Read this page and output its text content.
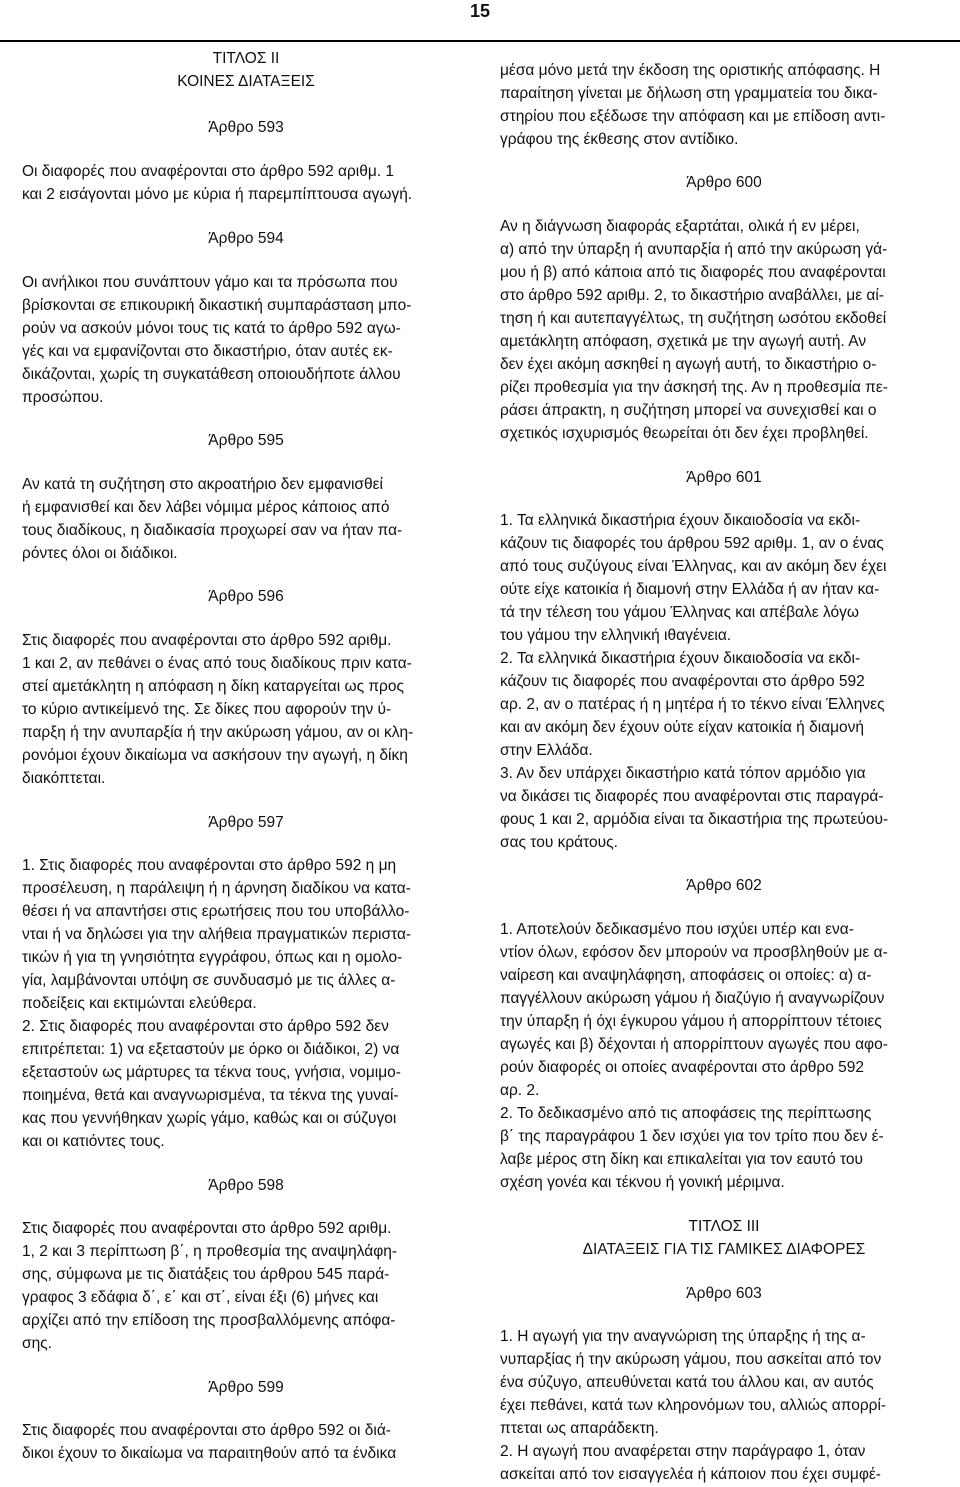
15
ΤΙΤΛΟΣ ΙΙ
ΚΟΙΝΕΣ ΔΙΑΤΑΞΕΙΣ
Άρθρο 593
Οι διαφορές που αναφέρονται στο άρθρο 592 αριθμ. 1
και 2 εισάγονται μόνο με κύρια ή παρεμπίπτουσα αγωγή.
Άρθρο 594
Οι ανήλικοι που συνάπτουν γάμο και τα πρόσωπα που
βρίσκονται σε επικουρική δικαστική συμπαράσταση μπο-
ρούν να ασκούν μόνοι τους τις κατά το άρθρο 592 αγω-
γές και να εμφανίζονται στο δικαστήριο, όταν αυτές εκ-
δικάζονται, χωρίς τη συγκατάθεση οποιουδήποτε άλλου
προσώπου.
Άρθρο 595
Αν κατά τη συζήτηση στο ακροατήριο δεν εμφανισθεί
ή εμφανισθεί και δεν λάβει νόμιμα μέρος κάποιος από
τους διαδίκους, η διαδικασία προχωρεί σαν να ήταν πα-
ρόντες όλοι οι διάδικοι.
Άρθρο 596
Στις διαφορές που αναφέρονται στο άρθρο 592 αριθμ.
1 και 2, αν πεθάνει ο ένας από τους διαδίκους πριν κατα-
στεί αμετάκλητη η απόφαση η δίκη καταργείται ως προς
το κύριο αντικείμενό της. Σε δίκες που αφορούν την ύ-
παρξη ή την ανυπαρξία ή την ακύρωση γάμου, αν οι κλη-
ρονόμοι έχουν δικαίωμα να ασκήσουν την αγωγή, η δίκη
διακόπτεται.
Άρθρο 597
1. Στις διαφορές που αναφέρονται στο άρθρο 592 η μη
προσέλευση, η παράλειψη ή η άρνηση διαδίκου να κατα-
θέσει ή να απαντήσει στις ερωτήσεις που του υποβάλλο-
νται ή να δηλώσει για την αλήθεια πραγματικών περιστα-
τικών ή για τη γνησιότητα εγγράφου, όπως και η ομολο-
γία, λαμβάνονται υπόψη σε συνδυασμό με τις άλλες α-
ποδείξεις και εκτιμώνται ελεύθερα.
2. Στις διαφορές που αναφέρονται στο άρθρο 592 δεν
επιτρέπεται: 1) να εξεταστούν με όρκο οι διάδικοι, 2) να
εξεταστούν ως μάρτυρες τα τέκνα τους, γνήσια, νομιμο-
ποιημένα, θετά και αναγνωρισμένα, τα τέκνα της γυναί-
κας που γεννήθηκαν χωρίς γάμο, καθώς και οι σύζυγοι
και οι κατιόντες τους.
Άρθρο 598
Στις διαφορές που αναφέρονται στο άρθρο 592 αριθμ.
1, 2 και 3 περίπτωση β΄, η προθεσμία της αναψηλάφη-
σης, σύμφωνα με τις διατάξεις του άρθρου 545 παρά-
γραφος 3 εδάφια δ΄, ε΄ και στ΄, είναι έξι (6) μήνες και
αρχίζει από την επίδοση της προσβαλλόμενης απόφα-
σης.
Άρθρο 599
Στις διαφορές που αναφέρονται στο άρθρο 592 οι διά-
δικοι έχουν το δικαίωμα να παραιτηθούν από τα ένδικα
μέσα μόνο μετά την έκδοση της οριστικής απόφασης. Η
παραίτηση γίνεται με δήλωση στη γραμματεία του δικα-
στηρίου που εξέδωσε την απόφαση και με επίδοση αντι-
γράφου της έκθεσης στον αντίδικο.
Άρθρο 600
Αν η διάγνωση διαφοράς εξαρτάται, ολικά ή εν μέρει,
α) από την ύπαρξη ή ανυπαρξία ή από την ακύρωση γά-
μου ή β) από κάποια από τις διαφορές που αναφέρονται
στο άρθρο 592 αριθμ. 2, το δικαστήριο αναβάλλει, με αί-
τηση ή και αυτεπαγγέλτως, τη συζήτηση ωσότου εκδοθεί
αμετάκλητη απόφαση, σχετικά με την αγωγή αυτή. Αν
δεν έχει ακόμη ασκηθεί η αγωγή αυτή, το δικαστήριο ο-
ρίζει προθεσμία για την άσκησή της. Αν η προθεσμία πε-
ράσει άπρακτη, η συζήτηση μπορεί να συνεχισθεί και ο
σχετικός ισχυρισμός θεωρείται ότι δεν έχει προβληθεί.
Άρθρο 601
1. Τα ελληνικά δικαστήρια έχουν δικαιοδοσία να εκδι-
κάζουν τις διαφορές του άρθρου 592 αριθμ. 1, αν ο ένας
από τους συζύγους είναι Έλληνας, και αν ακόμη δεν έχει
ούτε είχε κατοικία ή διαμονή στην Ελλάδα ή αν ήταν κα-
τά την τέλεση του γάμου Έλληνας και απέβαλε λόγω
του γάμου την ελληνική ιθαγένεια.
2. Τα ελληνικά δικαστήρια έχουν δικαιοδοσία να εκδι-
κάζουν τις διαφορές που αναφέρονται στο άρθρο 592
αρ. 2, αν ο πατέρας ή η μητέρα ή το τέκνο είναι Έλληνες
και αν ακόμη δεν έχουν ούτε είχαν κατοικία ή διαμονή
στην Ελλάδα.
3. Αν δεν υπάρχει δικαστήριο κατά τόπον αρμόδιο για
να δικάσει τις διαφορές που αναφέρονται στις παραγρά-
φους 1 και 2, αρμόδια είναι τα δικαστήρια της πρωτεύου-
σας του κράτους.
Άρθρο 602
1. Αποτελούν δεδικασμένο που ισχύει υπέρ και ενα-
ντίον όλων, εφόσον δεν μπορούν να προσβληθούν με α-
ναίρεση και αναψηλάφηση, αποφάσεις οι οποίες: α) α-
παγγέλλουν ακύρωση γάμου ή διαζύγιο ή αναγνωρίζουν
την ύπαρξη ή όχι έγκυρου γάμου ή απορρίπτουν τέτοιες
αγωγές και β) δέχονται ή απορρίπτουν αγωγές που αφο-
ρούν διαφορές οι οποίες αναφέρονται στο άρθρο 592
αρ. 2.
2. Το δεδικασμένο από τις αποφάσεις της περίπτωσης
β΄ της παραγράφου 1 δεν ισχύει για τον τρίτο που δεν έ-
λαβε μέρος στη δίκη και επικαλείται για τον εαυτό του
σχέση γονέα και τέκνου ή γονική μέριμνα.
ΤΙΤΛΟΣ ΙΙΙ
ΔΙΑΤΑΞΕΙΣ ΓΙΑ ΤΙΣ ΓΑΜΙΚΕΣ ΔΙΑΦΟΡΕΣ
Άρθρο 603
1. Η αγωγή για την αναγνώριση της ύπαρξης ή της α-
νυπαρξίας ή την ακύρωση γάμου, που ασκείται από τον
ένα σύζυγο, απευθύνεται κατά του άλλου και, αν αυτός
έχει πεθάνει, κατά των κληρονόμων του, αλλιώς απορρί-
πτεται ως απαράδεκτη.
2. Η αγωγή που αναφέρεται στην παράγραφο 1, όταν
ασκείται από τον εισαγγελέα ή κάποιον που έχει συμφέ-
